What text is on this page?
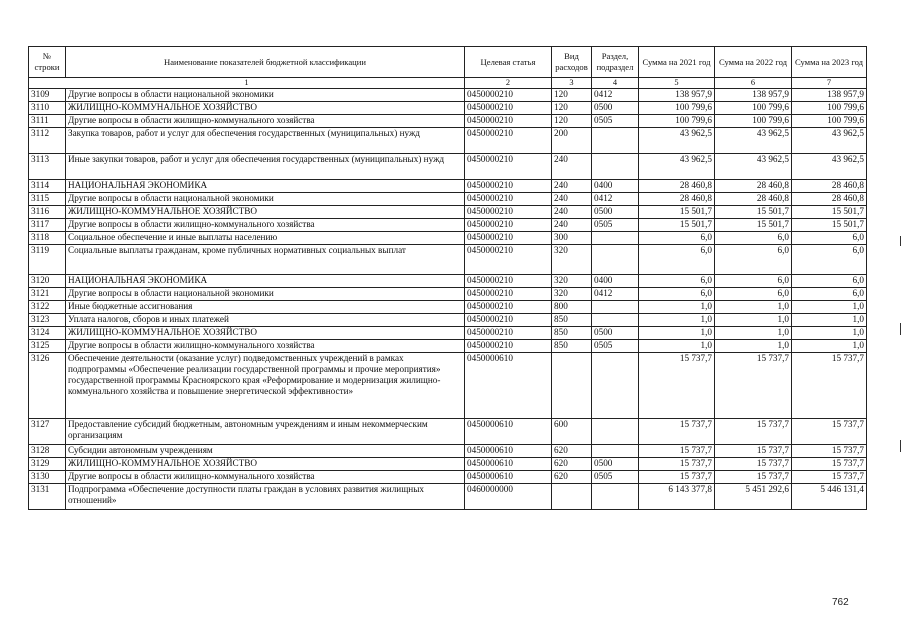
№ строки	Наименование показателей бюджетной классификации	Целевая статья	Вид расходов	Раздел, подраздел	Сумма на 2021 год	Сумма на 2022 год	Сумма на 2023 год
1		2	3	4	5	6	7
3109	Другие вопросы в области национальной экономики	0450000210	120	0412	138 957,9	138 957,9	138 957,9
3110	ЖИЛИЩНО-КОММУНАЛЬНОЕ ХОЗЯЙСТВО	0450000210	120	0500	100 799,6	100 799,6	100 799,6
3111	Другие вопросы в области жилищно-коммунального хозяйства	0450000210	120	0505	100 799,6	100 799,6	100 799,6
3112	Закупка товаров, работ и услуг для обеспечения государственных (муниципальных) нужд	0450000210	200		43 962,5	43 962,5	43 962,5
3113	Иные закупки товаров, работ и услуг для обеспечения государственных (муниципальных) нужд	0450000210	240		43 962,5	43 962,5	43 962,5
3114	НАЦИОНАЛЬНАЯ ЭКОНОМИКА	0450000210	240	0400	28 460,8	28 460,8	28 460,8
3115	Другие вопросы в области национальной экономики	0450000210	240	0412	28 460,8	28 460,8	28 460,8
3116	ЖИЛИЩНО-КОММУНАЛЬНОЕ ХОЗЯЙСТВО	0450000210	240	0500	15 501,7	15 501,7	15 501,7
3117	Другие вопросы в области жилищно-коммунального хозяйства	0450000210	240	0505	15 501,7	15 501,7	15 501,7
3118	Социальное обеспечение и иные выплаты населению	0450000210	300		6,0	6,0	6,0
3119	Социальные выплаты гражданам, кроме публичных нормативных социальных выплат	0450000210	320		6,0	6,0	6,0
3120	НАЦИОНАЛЬНАЯ ЭКОНОМИКА	0450000210	320	0400	6,0	6,0	6,0
3121	Другие вопросы в области национальной экономики	0450000210	320	0412	6,0	6,0	6,0
3122	Иные бюджетные ассигнования	0450000210	800		1,0	1,0	1,0
3123	Уплата налогов, сборов и иных платежей	0450000210	850		1,0	1,0	1,0
3124	ЖИЛИЩНО-КОММУНАЛЬНОЕ ХОЗЯЙСТВО	0450000210	850	0500	1,0	1,0	1,0
3125	Другие вопросы в области жилищно-коммунального хозяйства	0450000210	850	0505	1,0	1,0	1,0
3126	Обеспечение деятельности (оказание услуг) подведомственных учреждений в рамках подпрограммы «Обеспечение реализации государственной программы и прочие мероприятия» государственной программы Красноярского края «Реформирование и модернизация жилищно-коммунального хозяйства и повышение энергетической эффективности»	0450000610			15 737,7	15 737,7	15 737,7
3127	Предоставление субсидий бюджетным, автономным учреждениям и иным некоммерческим организациям	0450000610	600		15 737,7	15 737,7	15 737,7
3128	Субсидии автономным учреждениям	0450000610	620		15 737,7	15 737,7	15 737,7
3129	ЖИЛИЩНО-КОММУНАЛЬНОЕ ХОЗЯЙСТВО	0450000610	620	0500	15 737,7	15 737,7	15 737,7
3130	Другие вопросы в области жилищно-коммунального хозяйства	0450000610	620	0505	15 737,7	15 737,7	15 737,7
3131	Подпрограмма «Обеспечение доступности платы граждан в условиях развития жилищных отношений»	0460000000			6 143 377,8	5 451 292,6	5 446 131,4
762
